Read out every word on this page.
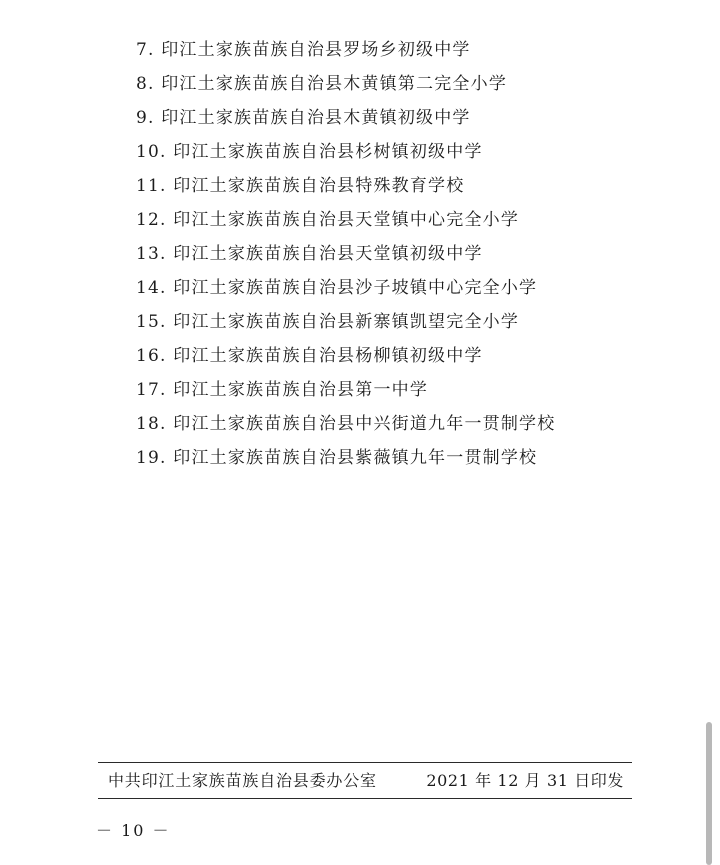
7. 印江土家族苗族自治县罗场乡初级中学
8. 印江土家族苗族自治县木黄镇第二完全小学
9. 印江土家族苗族自治县木黄镇初级中学
10. 印江土家族苗族自治县杉树镇初级中学
11. 印江土家族苗族自治县特殊教育学校
12. 印江土家族苗族自治县天堂镇中心完全小学
13. 印江土家族苗族自治县天堂镇初级中学
14. 印江土家族苗族自治县沙子坡镇中心完全小学
15. 印江土家族苗族自治县新寨镇凯望完全小学
16. 印江土家族苗族自治县杨柳镇初级中学
17. 印江土家族苗族自治县第一中学
18. 印江土家族苗族自治县中兴街道九年一贯制学校
19. 印江土家族苗族自治县紫薇镇九年一贯制学校
中共印江土家族苗族自治县委办公室	2021 年 12 月 31 日印发
－ 10 －
